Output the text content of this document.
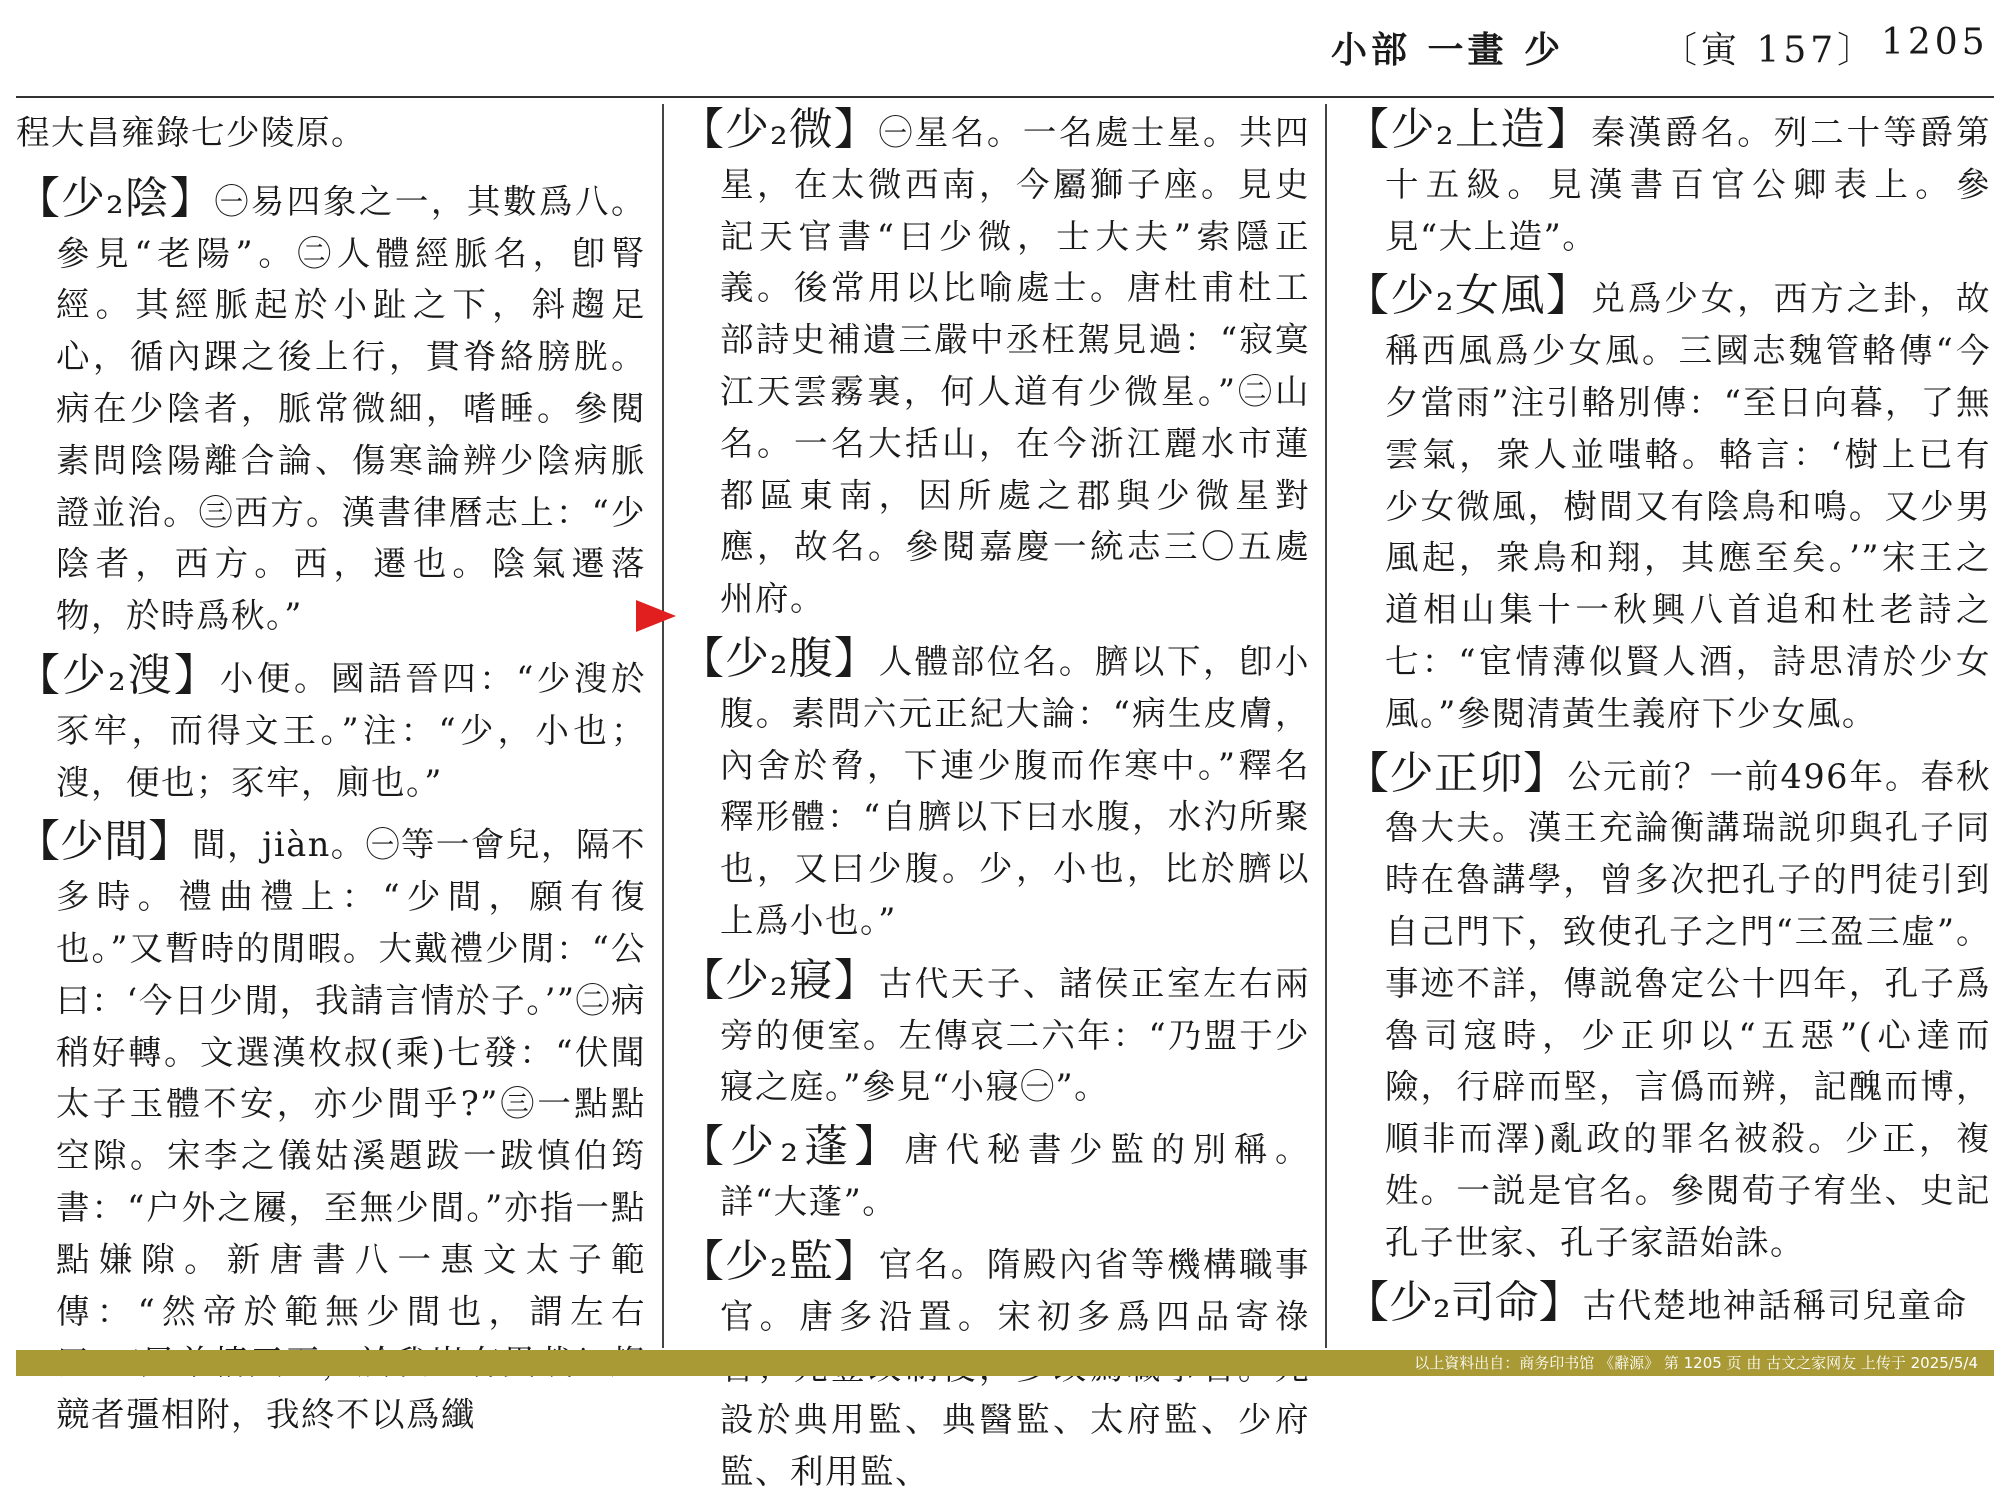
小部 一畫 少	〔寅 157〕 1205
程大昌雍錄七少陵原。
【少₂陰】㊀易四象之一，其數爲八。參見“老陽”。㊁人體經脈名，卽腎經。其經脈起於小趾之下，斜趨足心，循內踝之後上行，貫脊絡膀胱。病在少陰者，脈常微細，嗜睡。參閱素問陰陽離合論、傷寒論辨少陰病脈證並治。㊂西方。漢書律曆志上：“少陰者，西方。西，遷也。陰氣遷落物，於時爲秋。”
【少₂溲】小便。國語晉四：“少溲於豕牢，而得文王。”注：“少，小也；溲，便也；豕牢，廁也。”
【少間】間，jiàn。㊀等一會兒，隔不多時。禮曲禮上：“少間，願有復也。”又暫時的閒暇。大戴禮少閒：“公曰：‘今日少閒，我請言情於子。’”㊁病稍好轉。文選漢枚叔(乘)七發：“伏聞太子玉體不安，亦少間乎?”㊂一點點空隙。宋李之儀姑溪題跋一跋慎伯筠書：“户外之屨，至無少間。”亦指一點點嫌隙。新唐書八一惠文太子範傳：“然帝於範無少間也，謂左右 競者彊相附，我終不以爲纖
【少₂微】㊀星名。一名處士星。共四星，在太微西南，今屬獅子座。見史記天官書“曰少微，士大夫”索隱正義。後常用以比喻處士。唐杜甫杜工部詩史補遺三嚴中丞枉駕見過：“寂寞江天雲霧裏，何人道有少微星。”㊁山名。一名大括山，在今浙江麗水市蓮都區東南，因所處之郡與少微星對應，故名。參閱嘉慶一統志三〇五處州府。
【少₂腹】人體部位名。臍以下，卽小腹。素問六元正紀大論：“病生皮膚，內舍於脅，下連少腹而作寒中。”釋名釋形體：“自臍以下曰水腹，水汋所聚也，又曰少腹。少，小也，比於臍以上爲小也。”
【少₂寢】古代天子、諸侯正室左右兩旁的便室。左傳哀二六年：“乃盟于少寢之庭。”參見“小寢㊀”。
【少₂蓬】唐代秘書少監的別稱。詳“大蓬”。
【少₂監】官名。隋殿內省等機構職事官。唐多沿置。宋初多爲四品寄祿 設於典用監、典醫監、太府監、少府監、利用監、
【少₂上造】秦漢爵名。列二十等爵第十五級。見漢書百官公卿表上。參見“大上造”。
【少₂女風】兑爲少女，西方之卦，故稱西風爲少女風。三國志魏管輅傳“今夕當雨”注引輅別傳：“至日向暮，了無雲氣，衆人並嗤輅。輅言：‘樹上已有少女微風，樹間又有陰鳥和鳴。又少男風起，衆鳥和翔，其應至矣。’”宋王之道相山集十一秋興八首追和杜老詩之七：“宦情薄似賢人酒，詩思清於少女風。”參閱清黃生義府下少女風。
【少正卯】公元前？一前496年。春秋魯大夫。漢王充論衡講瑞説卯與孔子同時在魯講學，曾多次把孔子的門徒引到自己門下，致使孔子之門“三盈三虛”。事迹不詳，傳説魯定公十四年，孔子爲魯司寇時，少正卯以“五惡”(心達而險，行辟而堅，言僞而辨，記醜而博，順非而澤)亂政的罪名被殺。少正，複姓。一説是官名。參閱荀子宥坐、史記孔子世家、孔子家語始誅。
【少₂司命】古代楚地神話稱司兒童命
以上資料出自：商务印书馆 《辭源》 第 1205 页 由 古文之家网友 上传于 2025/5/4
